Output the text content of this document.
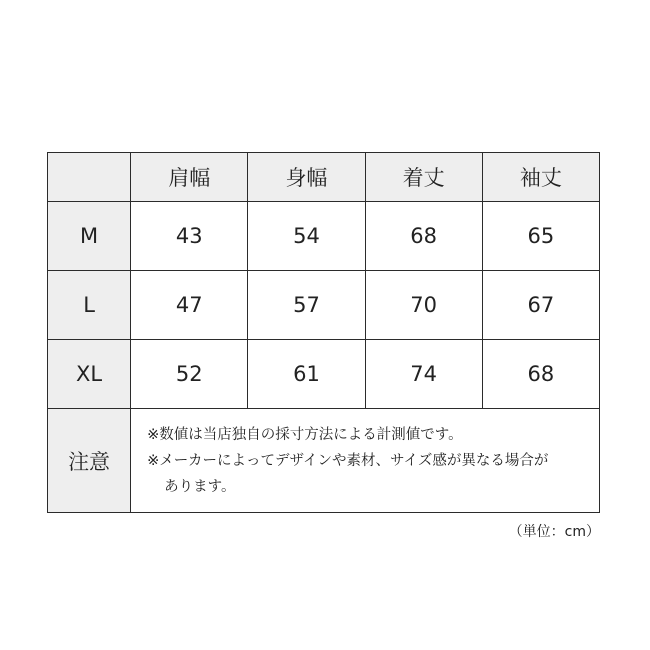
	肩幅	身幅	着丈	袖丈
M	43	54	68	65
L	47	57	70	67
XL	52	61	74	68
注意	※数値は当店独自の採寸方法による計測値です。
※メーカーによってデザインや素材、サイズ感が異なる場合が
あります。			
（単位：cm）
